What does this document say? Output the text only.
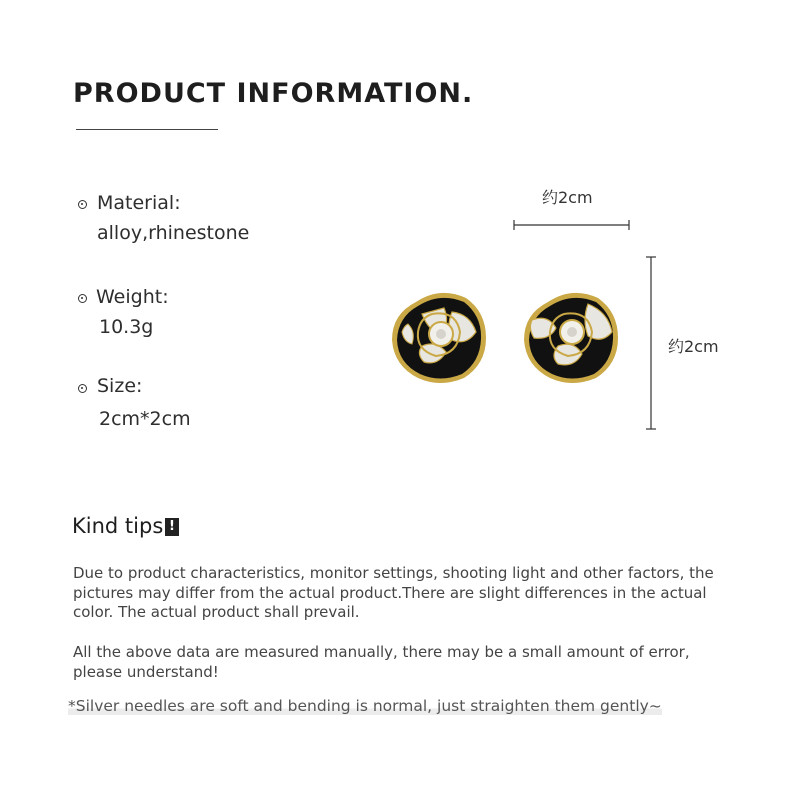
PRODUCT INFORMATION.
Material:
alloy,rhinestone
Weight:
10.3g
Size:
2cm*2cm
约2cm
约2cm
Kind tips !
Due to product characteristics, monitor settings, shooting light and other factors, the pictures may differ from the actual product.There are slight differences in the actual color. The actual product shall prevail.
All the above data are measured manually, there may be a small amount of error, please understand!
*Silver needles are soft and bending is normal, just straighten them gently~
